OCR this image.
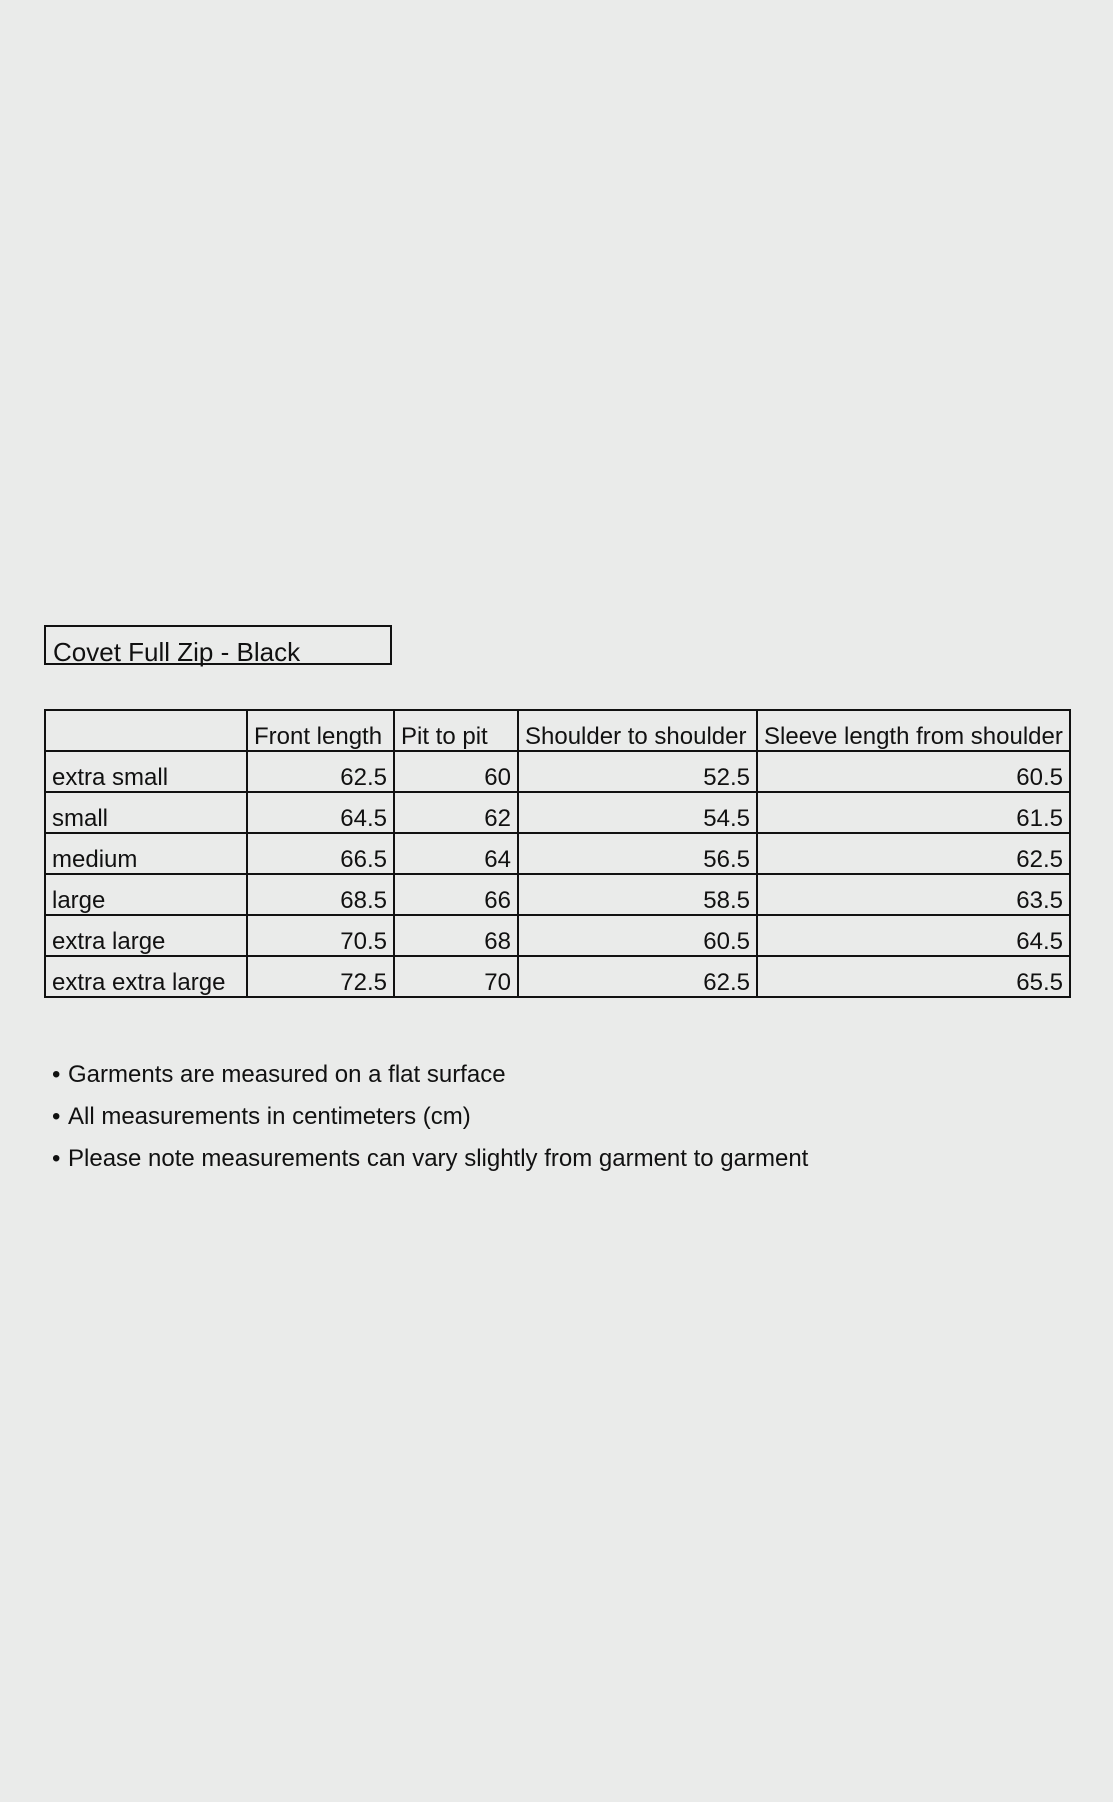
Covet Full Zip - Black
	Front length	Pit to pit	Shoulder to shoulder	Sleeve length from shoulder
extra small	62.5	60	52.5	60.5
small	64.5	62	54.5	61.5
medium	66.5	64	56.5	62.5
large	68.5	66	58.5	63.5
extra large	70.5	68	60.5	64.5
extra extra large	72.5	70	62.5	65.5
• Garments are measured on a flat surface
• All measurements in centimeters (cm)
• Please note measurements can vary slightly from garment to garment
